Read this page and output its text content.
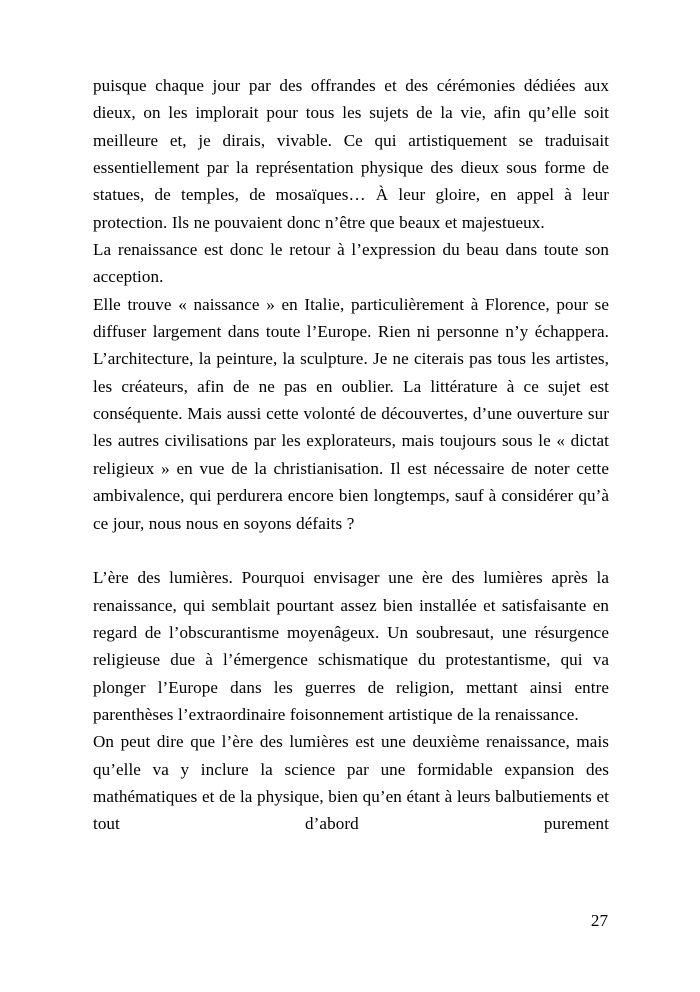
puisque chaque jour par des offrandes et des cérémonies dédiées aux dieux, on les implorait pour tous les sujets de la vie, afin qu’elle soit meilleure et, je dirais, vivable. Ce qui artistiquement se traduisait essentiellement par la représentation physique des dieux sous forme de statues, de temples, de mosaïques… À leur gloire, en appel à leur protection. Ils ne pouvaient donc n’être que beaux et majestueux.

La renaissance est donc le retour à l’expression du beau dans toute son acception.

Elle trouve « naissance » en Italie, particulièrement à Florence, pour se diffuser largement dans toute l’Europe. Rien ni personne n’y échappera. L’architecture, la peinture, la sculpture. Je ne citerais pas tous les artistes, les créateurs, afin de ne pas en oublier. La littérature à ce sujet est conséquente. Mais aussi cette volonté de découvertes, d’une ouverture sur les autres civilisations par les explorateurs, mais toujours sous le « dictat religieux » en vue de la christianisation. Il est nécessaire de noter cette ambivalence, qui perdurera encore bien longtemps, sauf à considérer qu’à ce jour, nous nous en soyons défaits ?

L’ère des lumières. Pourquoi envisager une ère des lumières après la renaissance, qui semblait pourtant assez bien installée et satisfaisante en regard de l’obscurantisme moyenâgeux. Un soubresaut, une résurgence religieuse due à l’émergence schismatique du protestantisme, qui va plonger l’Europe dans les guerres de religion, mettant ainsi entre parenthèses l’extraordinaire foisonnement artistique de la renaissance.

On peut dire que l’ère des lumières est une deuxième renaissance, mais qu’elle va y inclure la science par une formidable expansion des mathématiques et de la physique, bien qu’en étant à leurs balbutiements et tout d’abord purement

27
